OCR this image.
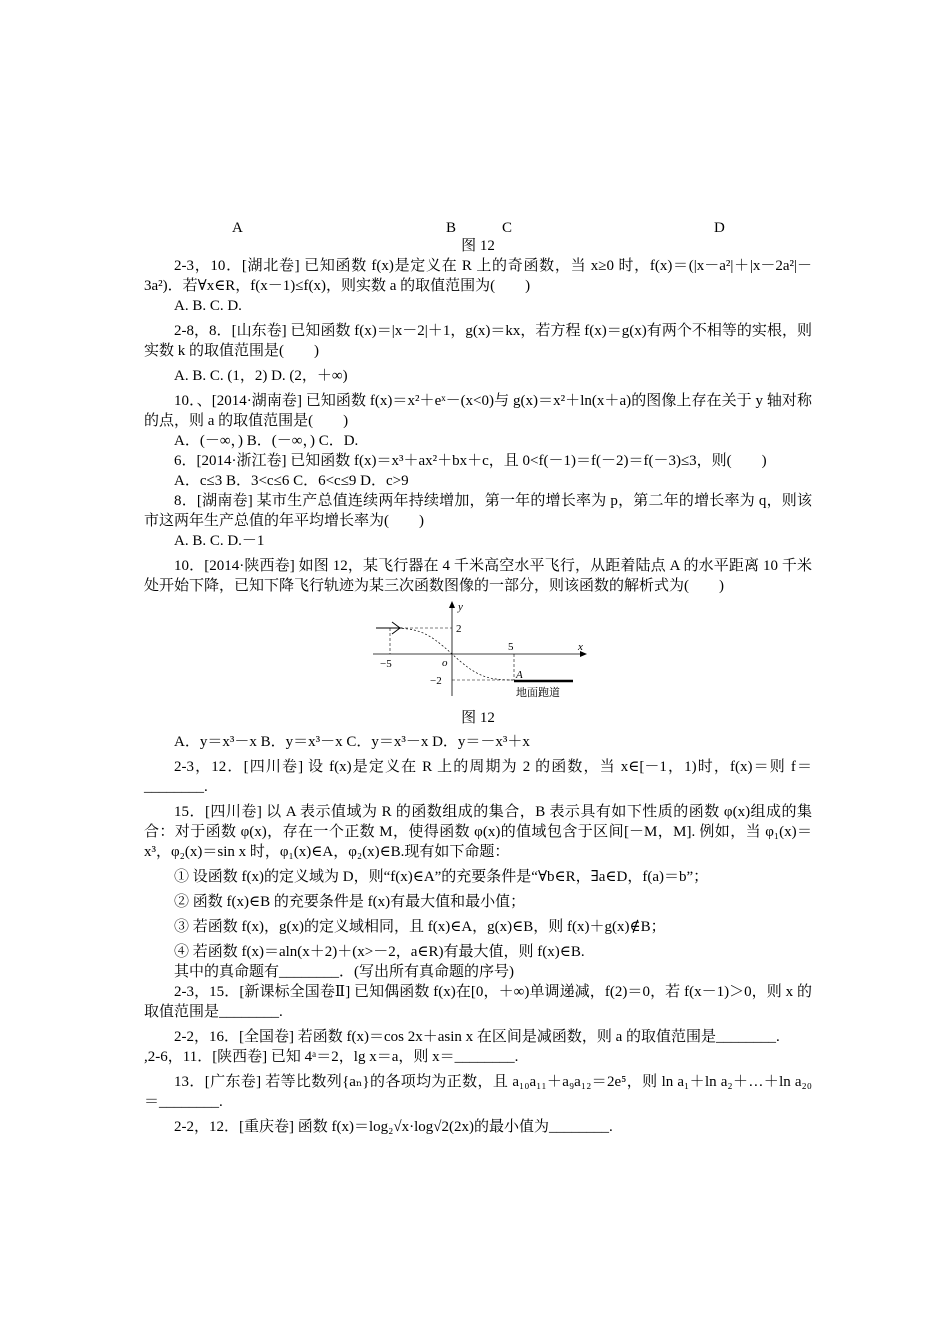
A	B	C	D
图 12

2-3，10．[湖北卷] 已知函数 f(x)是定义在 R 上的奇函数，当 x≥0 时，f(x)＝(|x－a²|＋|x－2a²|－3a²)．若∀x∈R，f(x－1)≤f(x)，则实数 a 的取值范围为(　　)

A. B. C. D.

2-8，8．[山东卷] 已知函数 f(x)＝|x－2|＋1，g(x)＝kx，若方程 f(x)＝g(x)有两个不相等的实根，则实数 k 的取值范围是(　　)

A. B. C. (1，2) D. (2，＋∞)

10．、[2014·湖南卷] 已知函数 f(x)＝x²＋eˣ－(x<0)与 g(x)＝x²＋ln(x＋a)的图像上存在关于 y 轴对称的点，则 a 的取值范围是(　　)

A．(－∞，) B．(－∞，) C．D.

6．[2014·浙江卷] 已知函数 f(x)＝x³＋ax²＋bx＋c，且 0<f(－1)＝f(－2)＝f(－3)≤3，则(　　)

A．c≤3 B．3<c≤6 C．6<c≤9 D．c>9

8．[湖南卷] 某市生产总值连续两年持续增加，第一年的增长率为 p，第二年的增长率为 q，则该市这两年生产总值的年平均增长率为(　　)

A. B. C. D.－1

10．[2014·陕西卷] 如图 12，某飞行器在 4 千米高空水平飞行，从距着陆点 A 的水平距离 10 千米处开始下降，已知下降飞行轨迹为某三次函数图像的一部分，则该函数的解析式为(　　)

y
x
o
2
−2
−5
5
A
地面跑道
图 12

A．y＝x³－x B．y＝x³－x C．y＝x³－x D．y＝－x³＋x

2-3，12．[四川卷] 设 f(x)是定义在 R 上的周期为 2 的函数，当 x∈[－1，1)时，f(x)＝则 f＝________.

15．[四川卷] 以 A 表示值域为 R 的函数组成的集合，B 表示具有如下性质的函数 φ(x)组成的集合：对于函数 φ(x)，存在一个正数 M，使得函数 φ(x)的值域包含于区间[－M，M]. 例如，当 φ₁(x)＝x³，φ₂(x)＝sin x 时，φ₁(x)∈A，φ₂(x)∈B.现有如下命题：

① 设函数 f(x)的定义域为 D，则“f(x)∈A”的充要条件是“∀b∈R，∃a∈D，f(a)＝b”；

② 函数 f(x)∈B 的充要条件是 f(x)有最大值和最小值；

③ 若函数 f(x)，g(x)的定义域相同，且 f(x)∈A，g(x)∈B，则 f(x)＋g(x)∉B；

④ 若函数 f(x)＝aln(x＋2)＋(x>－2，a∈R)有最大值，则 f(x)∈B.

其中的真命题有________．(写出所有真命题的序号)

2-3，15．[新课标全国卷Ⅱ] 已知偶函数 f(x)在[0，＋∞)单调递减，f(2)＝0，若 f(x－1)＞0，则 x 的取值范围是________.

2-2，16．[全国卷] 若函数 f(x)＝cos 2x＋asin x 在区间是减函数，则 a 的取值范围是________.

,2-6，11．[陕西卷] 已知 4ᵃ＝2，lg x＝a，则 x＝________.

13．[广东卷] 若等比数列{aₙ}的各项均为正数，且 a₁₀a₁₁＋a₉a₁₂＝2e⁵，则 ln a₁＋ln a₂＋…＋ln a₂₀＝________.

2-2，12．[重庆卷] 函数 f(x)＝log₂√x·log√2(2x)的最小值为________.
